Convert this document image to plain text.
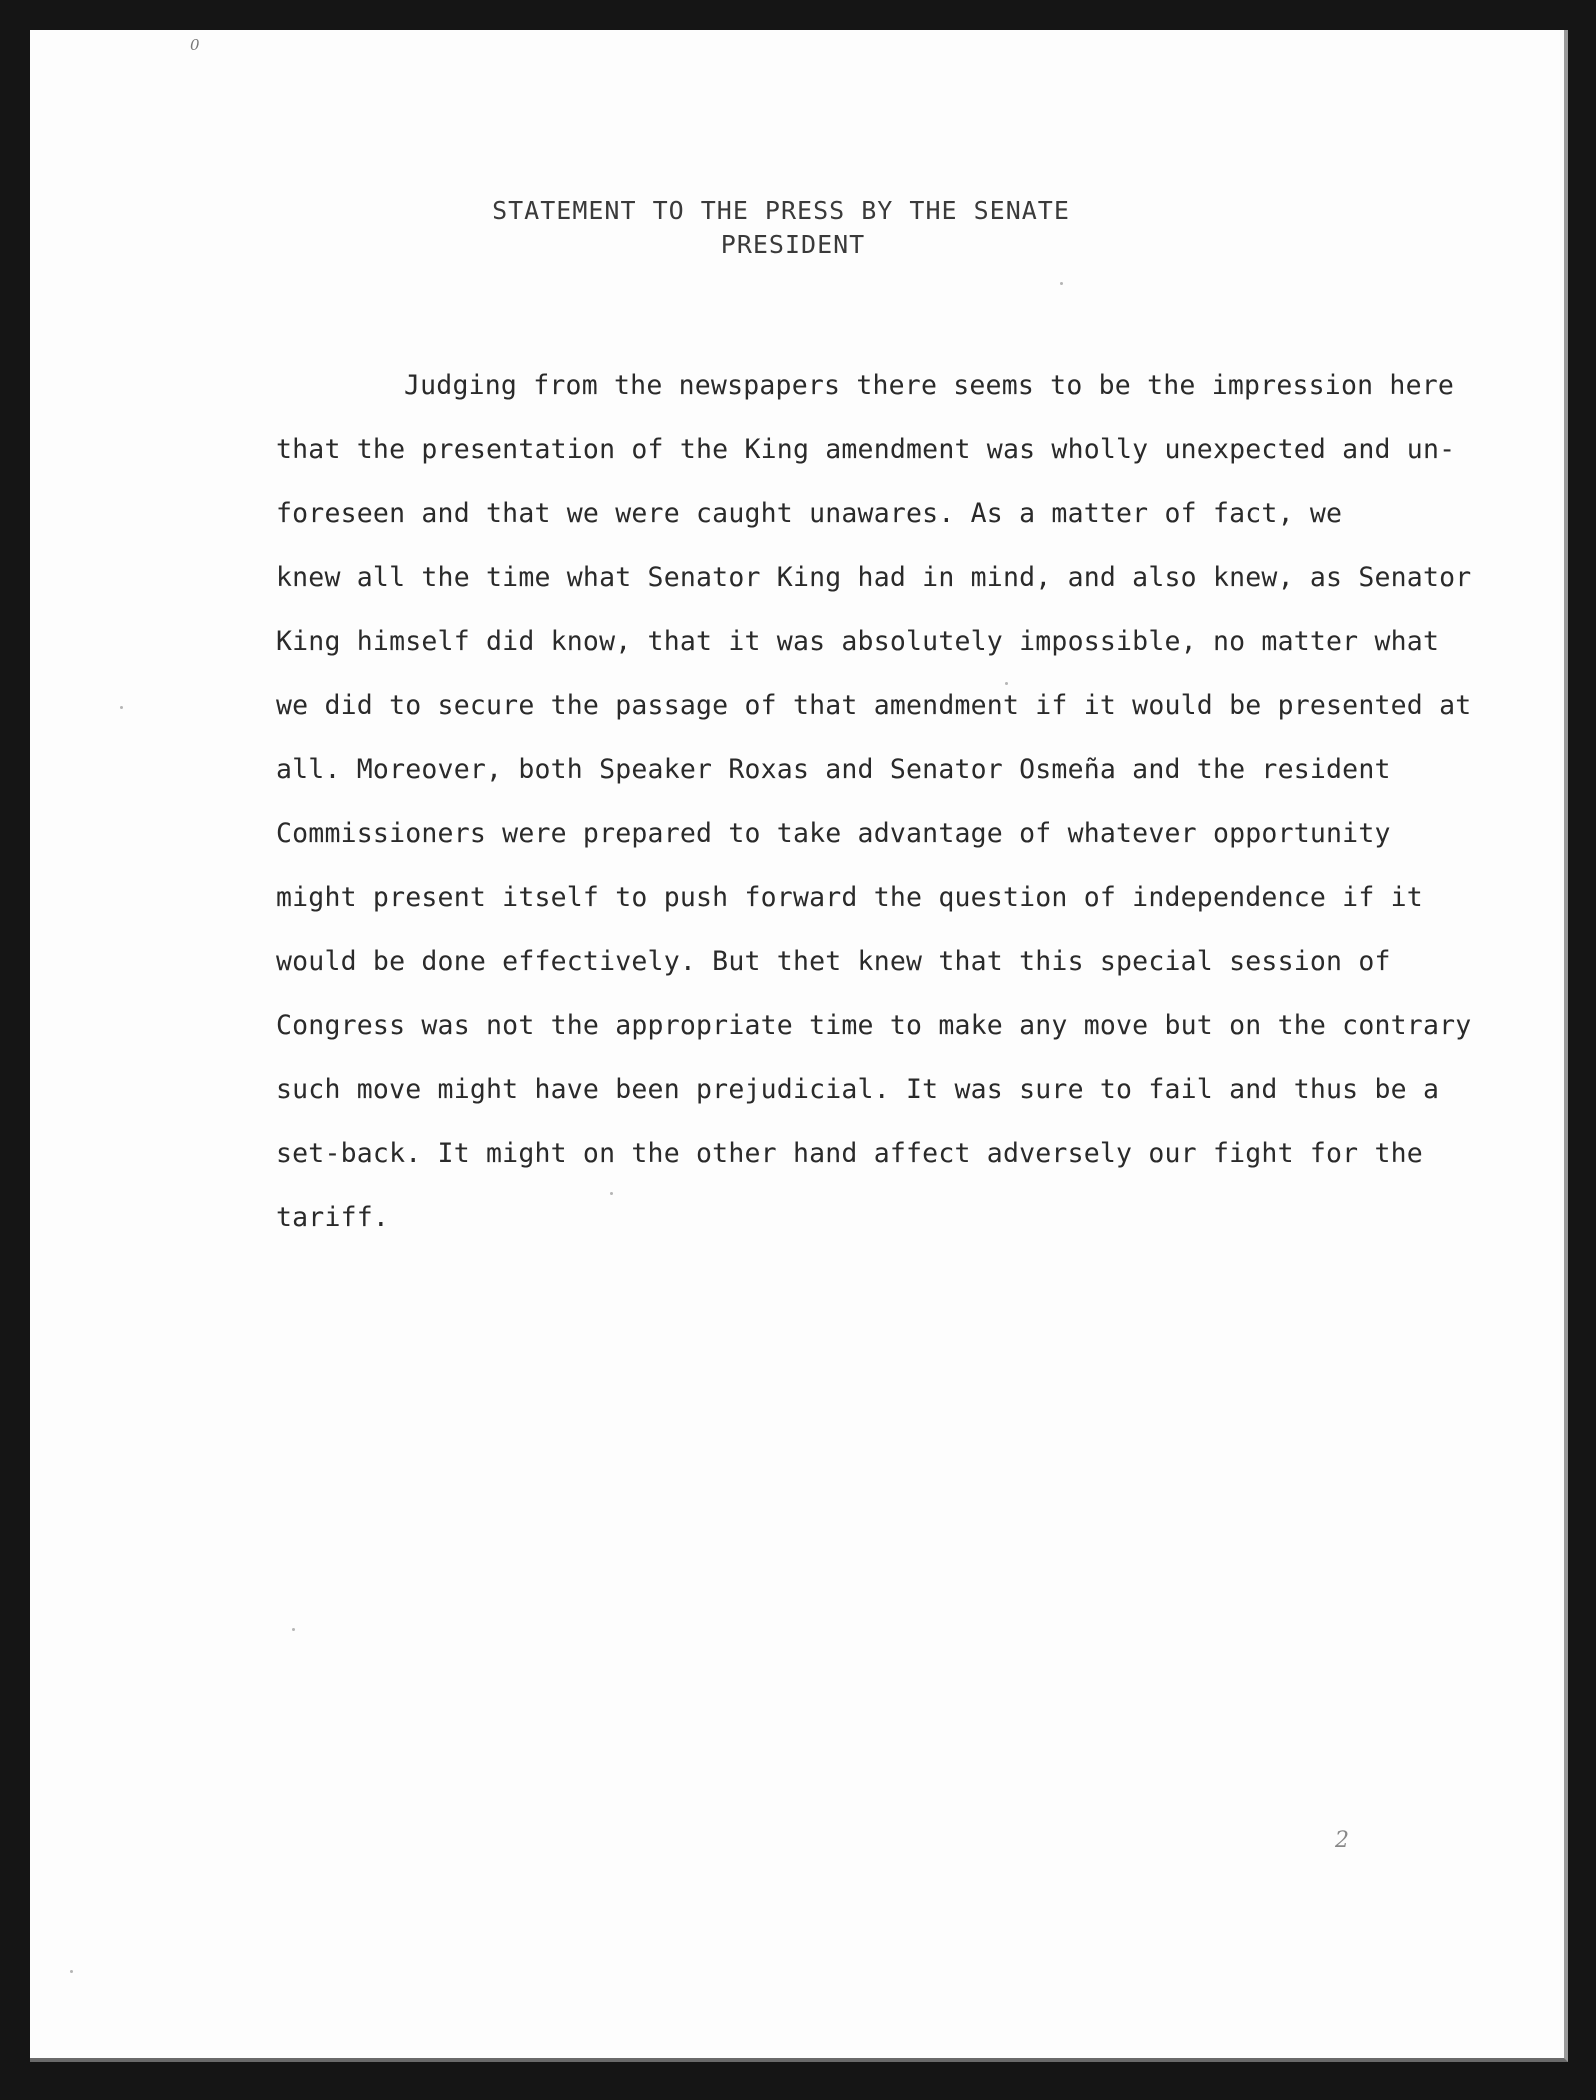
0
STATEMENT TO THE PRESS BY THE SENATE
PRESIDENT
Judging from the newspapers there seems to be the impression here
that the presentation of the King amendment was wholly unexpected and un-
foreseen and that we were caught unawares. As a matter of fact, we
knew all the time what Senator King had in mind, and also knew, as Senator
King himself did know, that it was absolutely impossible, no matter what
we did to secure the passage of that amendment if it would be presented at
all. Moreover, both Speaker Roxas and Senator Osmeña and the resident
Commissioners were prepared to take advantage of whatever opportunity
might present itself to push forward the question of independence if it
would be done effectively. But thet knew that this special session of
Congress was not the appropriate time to make any move but on the contrary
such move might have been prejudicial. It was sure to fail and thus be a
set-back. It might on the other hand affect adversely our fight for the
tariff.
2
